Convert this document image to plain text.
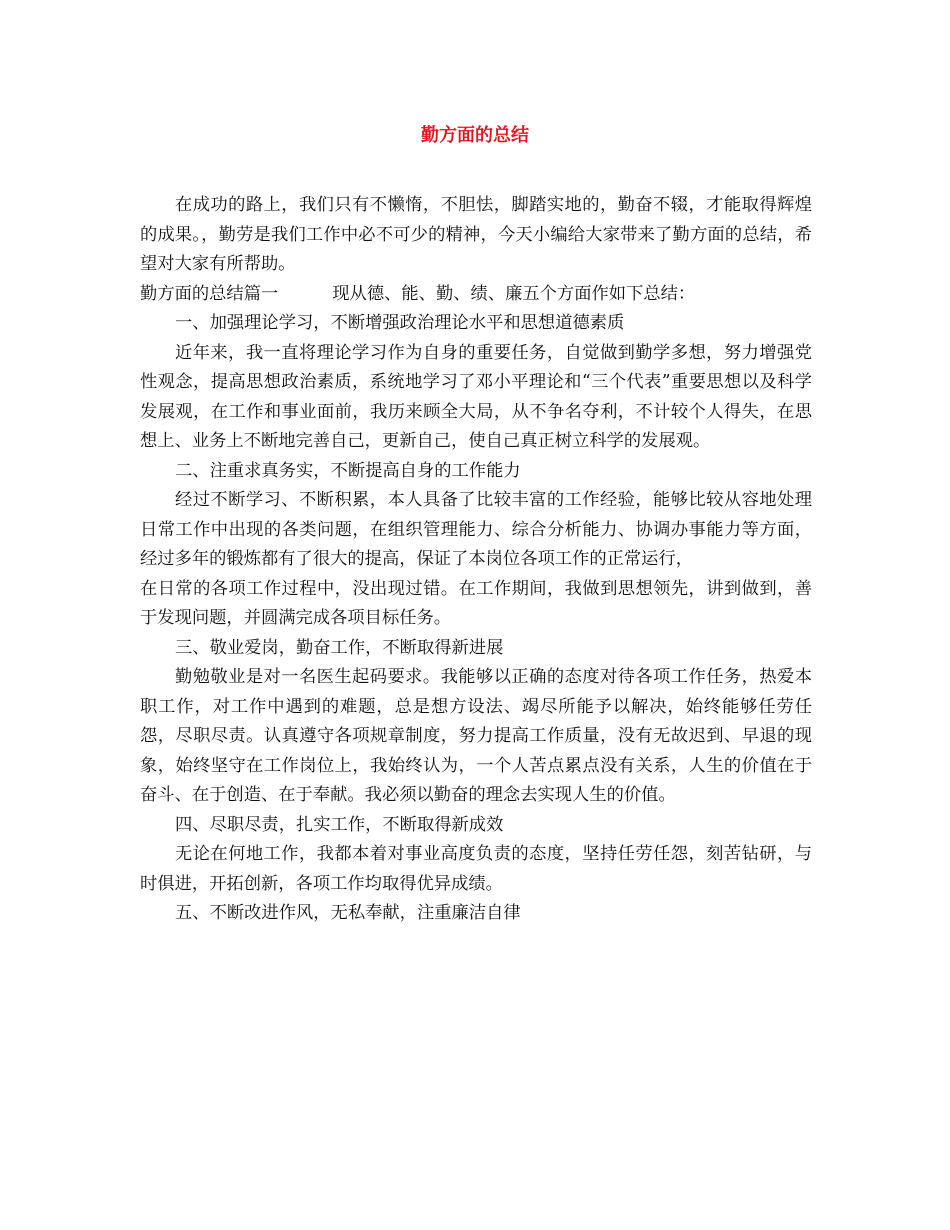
勤方面的总结

在成功的路上，我们只有不懒惰，不胆怯，脚踏实地的，勤奋不辍，才能取得辉煌的成果。，勤劳是我们工作中必不可少的精神，今天小编给大家带来了勤方面的总结，希望对大家有所帮助。

勤方面的总结篇一	现从德、能、勤、绩、廉五个方面作如下总结：

一、加强理论学习，不断增强政治理论水平和思想道德素质

近年来，我一直将理论学习作为自身的重要任务，自觉做到勤学多想，努力增强党性观念，提高思想政治素质，系统地学习了邓小平理论和“三个代表”重要思想以及科学发展观，在工作和事业面前，我历来顾全大局，从不争名夺利，不计较个人得失，在思想上、业务上不断地完善自己，更新自己，使自己真正树立科学的发展观。

二、注重求真务实，不断提高自身的工作能力

经过不断学习、不断积累，本人具备了比较丰富的工作经验，能够比较从容地处理日常工作中出现的各类问题，在组织管理能力、综合分析能力、协调办事能力等方面，经过多年的锻炼都有了很大的提高，保证了本岗位各项工作的正常运行，

在日常的各项工作过程中，没出现过错。在工作期间，我做到思想领先，讲到做到，善于发现问题，并圆满完成各项目标任务。

三、敬业爱岗，勤奋工作，不断取得新进展

勤勉敬业是对一名医生起码要求。我能够以正确的态度对待各项工作任务，热爱本职工作，对工作中遇到的难题，总是想方设法、竭尽所能予以解决，始终能够任劳任怨，尽职尽责。认真遵守各项规章制度，努力提高工作质量，没有无故迟到、早退的现象，始终坚守在工作岗位上，我始终认为，一个人苦点累点没有关系，人生的价值在于奋斗、在于创造、在于奉献。我必须以勤奋的理念去实现人生的价值。

四、尽职尽责，扎实工作，不断取得新成效

无论在何地工作，我都本着对事业高度负责的态度，坚持任劳任怨，刻苦钻研，与时俱进，开拓创新，各项工作均取得优异成绩。

五、不断改进作风，无私奉献，注重廉洁自律
